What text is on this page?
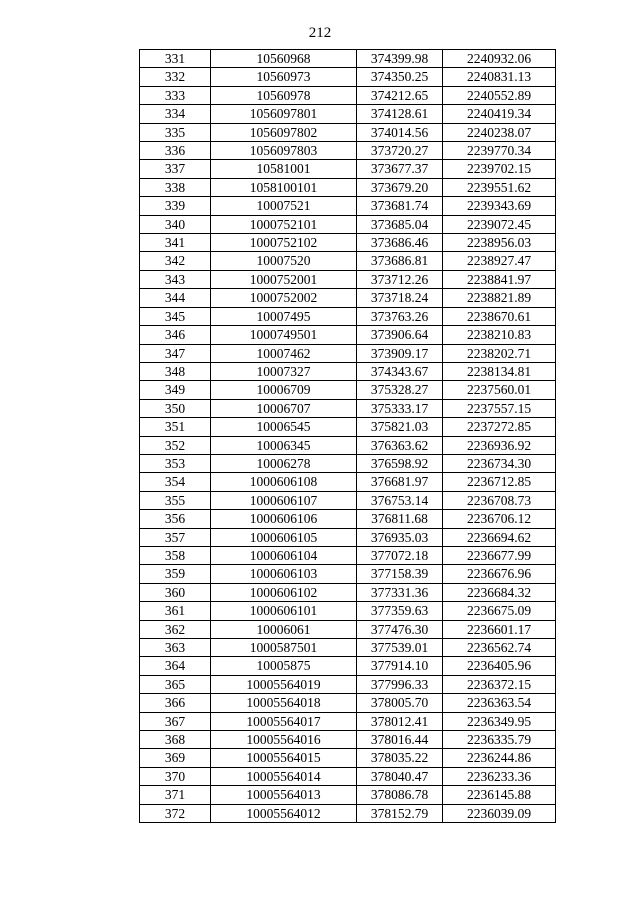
212
331	10560968	374399.98	2240932.06
332	10560973	374350.25	2240831.13
333	10560978	374212.65	2240552.89
334	1056097801	374128.61	2240419.34
335	1056097802	374014.56	2240238.07
336	1056097803	373720.27	2239770.34
337	10581001	373677.37	2239702.15
338	1058100101	373679.20	2239551.62
339	10007521	373681.74	2239343.69
340	1000752101	373685.04	2239072.45
341	1000752102	373686.46	2238956.03
342	10007520	373686.81	2238927.47
343	1000752001	373712.26	2238841.97
344	1000752002	373718.24	2238821.89
345	10007495	373763.26	2238670.61
346	1000749501	373906.64	2238210.83
347	10007462	373909.17	2238202.71
348	10007327	374343.67	2238134.81
349	10006709	375328.27	2237560.01
350	10006707	375333.17	2237557.15
351	10006545	375821.03	2237272.85
352	10006345	376363.62	2236936.92
353	10006278	376598.92	2236734.30
354	1000606108	376681.97	2236712.85
355	1000606107	376753.14	2236708.73
356	1000606106	376811.68	2236706.12
357	1000606105	376935.03	2236694.62
358	1000606104	377072.18	2236677.99
359	1000606103	377158.39	2236676.96
360	1000606102	377331.36	2236684.32
361	1000606101	377359.63	2236675.09
362	10006061	377476.30	2236601.17
363	1000587501	377539.01	2236562.74
364	10005875	377914.10	2236405.96
365	10005564019	377996.33	2236372.15
366	10005564018	378005.70	2236363.54
367	10005564017	378012.41	2236349.95
368	10005564016	378016.44	2236335.79
369	10005564015	378035.22	2236244.86
370	10005564014	378040.47	2236233.36
371	10005564013	378086.78	2236145.88
372	10005564012	378152.79	2236039.09
